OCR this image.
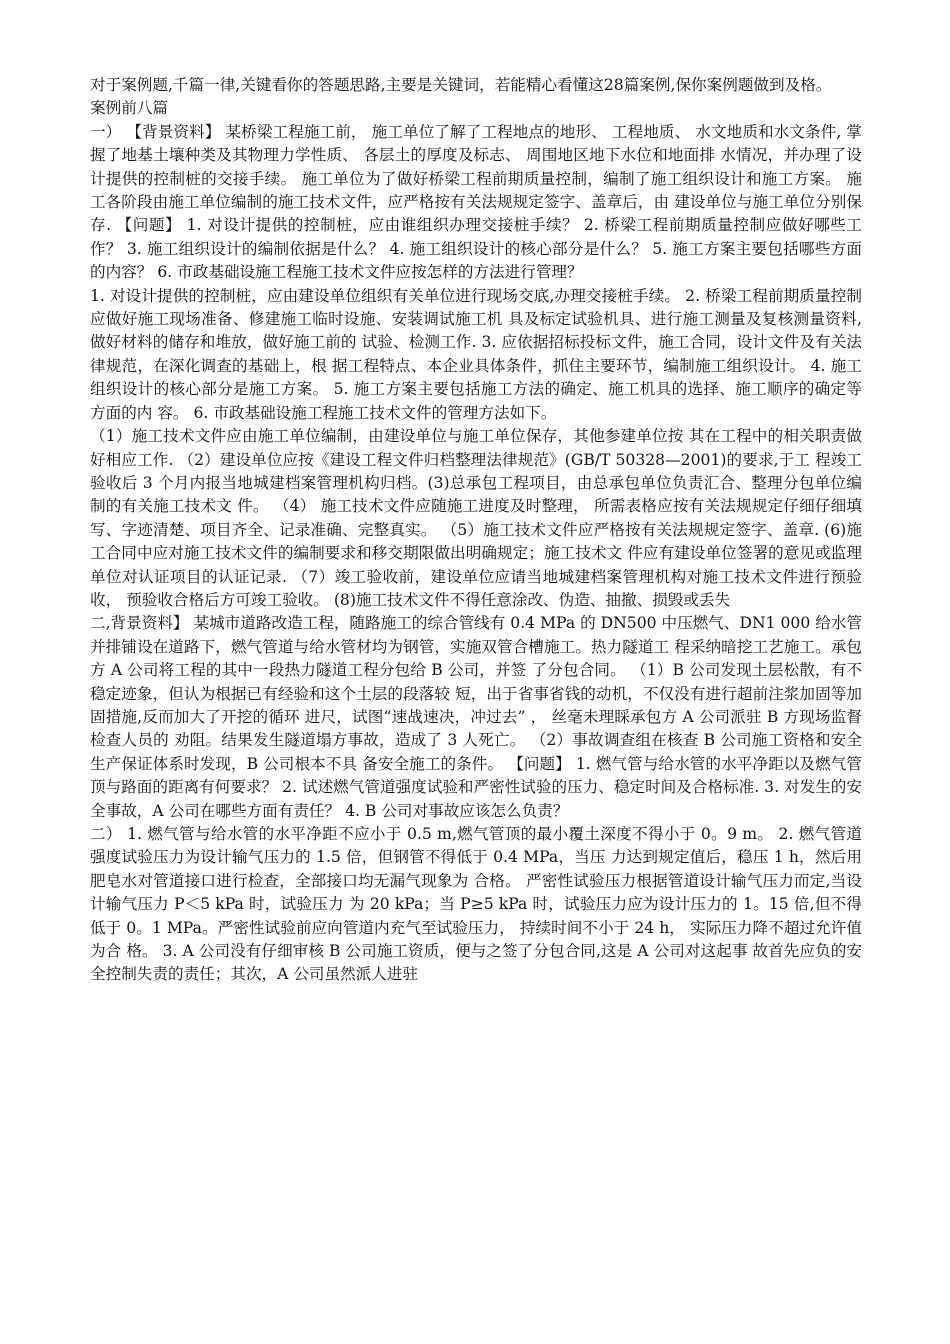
对于案例题,千篇一律,关键看你的答题思路,主要是关键词，若能精心看懂这28篇案例,保你案例题做到及格。

案例前八篇

一） 【背景资料】 某桥梁工程施工前， 施工单位了解了工程地点的地形、 工程地质、 水文地质和水文条件, 掌握了地基土壤种类及其物理力学性质、 各层土的厚度及标志、 周围地区地下水位和地面排 水情况，并办理了设计提供的控制桩的交接手续。 施工单位为了做好桥梁工程前期质量控制，编制了施工组织设计和施工方案。 施工各阶段由施工单位编制的施工技术文件，应严格按有关法规规定签字、盖章后，由 建设单位与施工单位分别保存. 【问题】 1. 对设计提供的控制桩，应由谁组织办理交接桩手续？ 2. 桥梁工程前期质量控制应做好哪些工作？ 3. 施工组织设计的编制依据是什么？ 4. 施工组织设计的核心部分是什么？ 5. 施工方案主要包括哪些方面的内容？ 6. 市政基础设施工程施工技术文件应按怎样的方法进行管理？

1. 对设计提供的控制桩，应由建设单位组织有关单位进行现场交底,办理交接桩手续。 2. 桥梁工程前期质量控制应做好施工现场准备、修建施工临时设施、安装调试施工机 具及标定试验机具、进行施工测量及复核测量资料,做好材料的储存和堆放，做好施工前的 试验、检测工作. 3. 应依据招标投标文件，施工合同，设计文件及有关法律规范，在深化调查的基础上，根 据工程特点、本企业具体条件，抓住主要环节，编制施工组织设计。 4. 施工组织设计的核心部分是施工方案。 5. 施工方案主要包括施工方法的确定、施工机具的选择、施工顺序的确定等方面的内 容。 6. 市政基础设施工程施工技术文件的管理方法如下。

（1）施工技术文件应由施工单位编制，由建设单位与施工单位保存，其他参建单位按 其在工程中的相关职责做好相应工作. （2）建设单位应按《建设工程文件归档整理法律规范》(GB/T 50328—2001)的要求,于工 程竣工验收后 3 个月内报当地城建档案管理机构归档。(3)总承包工程项目，由总承包单位负责汇合、整理分包单位编制的有关施工技术文 件。 （4） 施工技术文件应随施工进度及时整理， 所需表格应按有关法规规定仔细仔细填写、字迹清楚、项目齐全、记录准确、完整真实。 （5）施工技术文件应严格按有关法规规定签字、盖章. (6)施工合同中应对施工技术文件的编制要求和移交期限做出明确规定；施工技术文 件应有建设单位签署的意见或监理单位对认证项目的认证记录. （7）竣工验收前，建设单位应请当地城建档案管理机构对施工技术文件进行预验收， 预验收合格后方可竣工验收。 (8)施工技术文件不得任意涂改、伪造、抽撤、损毁或丢失

二,背景资料】 某城市道路改造工程，随路施工的综合管线有 0.4 MPa 的 DN500 中压燃气、DN1 000 给水管并排铺设在道路下，燃气管道与给水管材均为钢管，实施双管合槽施工。热力隧道工 程采纳暗挖工艺施工。承包方 A 公司将工程的其中一段热力隧道工程分包给 B 公司，并签 了分包合同。 （1）B 公司发现土层松散，有不稳定迹象，但认为根据已有经验和这个土层的段落较 短，出于省事省钱的动机，不仅没有进行超前注浆加固等加固措施,反而加大了开挖的循环 进尺，试图“速战速决，冲过去” ， 丝毫未理睬承包方 A 公司派驻 B 方现场监督检查人员的 劝阻。结果发生隧道塌方事故，造成了 3 人死亡。 （2）事故调查组在核查 B 公司施工资格和安全生产保证体系时发现，B 公司根本不具 备安全施工的条件。 【问题】 1. 燃气管与给水管的水平净距以及燃气管顶与路面的距离有何要求？ 2. 试述燃气管道强度试验和严密性试验的压力、稳定时间及合格标准. 3. 对发生的安全事故，A 公司在哪些方面有责任？ 4. B 公司对事故应该怎么负责？

二） 1. 燃气管与给水管的水平净距不应小于 0.5 m,燃气管顶的最小覆土深度不得小于 0。9 m。 2. 燃气管道强度试验压力为设计输气压力的 1.5 倍，但钢管不得低于 0.4 MPa，当压 力达到规定值后，稳压 1 h，然后用肥皂水对管道接口进行检查，全部接口均无漏气现象为 合格。 严密性试验压力根据管道设计输气压力而定,当设计输气压力 P＜5 kPa 时，试验压力 为 20 kPa；当 P≥5 kPa 时，试验压力应为设计压力的 1。15 倍,但不得低于 0。1 MPa。严密性试验前应向管道内充气至试验压力， 持续时间不小于 24 h， 实际压力降不超过允许值为合 格。 3. A 公司没有仔细审核 B 公司施工资质，便与之签了分包合同,这是 A 公司对这起事 故首先应负的安全控制失责的责任；其次，A 公司虽然派人进驻
